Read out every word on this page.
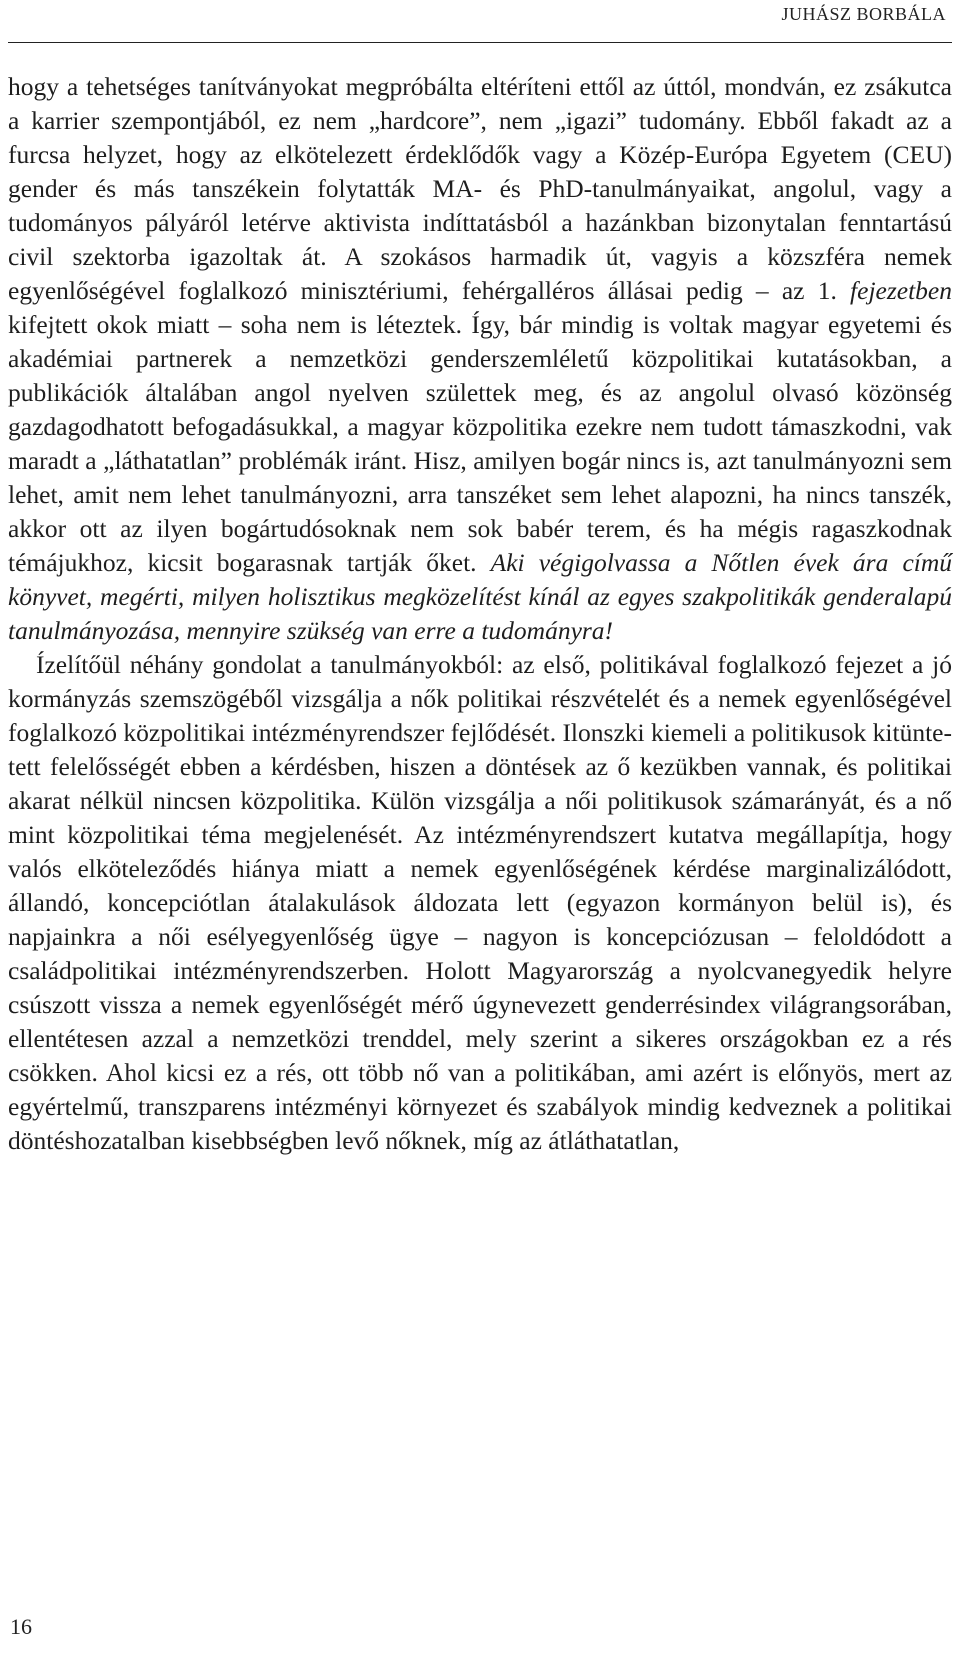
JUHÁSZ BORBÁLA

hogy a tehetséges tanítványokat megpróbálta eltéríteni ettől az úttól, mondván, ez zsákutca a karrier szempontjából, ez nem „hardcore”, nem „igazi” tudomány. Ebből fakadt az a furcsa helyzet, hogy az elkötelezett érdeklődők vagy a Közép-Európa Egyetem (CEU) gender és más tanszékein folytatták MA- és PhD-tanulmányaikat, angolul, vagy a tudományos pályáról letérve aktivista indíttatásból a hazánkban bizonytalan fenntartású civil szektorba igazoltak át. A szokásos harmadik út, vagyis a közszféra nemek egyenlőségével foglalkozó minisztériumi, fehérgalléros állásai pedig – az 1. fejezetben kifejtett okok miatt – soha nem is léteztek. Így, bár mindig is voltak magyar egyetemi és akadémiai partnerek a nemzetközi genderszemléletű közpolitikai kutatásokban, a publikációk általában angol nyelven születtek meg, és az angolul olvasó közönség gazdagodhatott befogadásukkal, a magyar közpolitika ezekre nem tudott támaszkodni, vak maradt a „láthatatlan” problémák iránt. Hisz, amilyen bogár nincs is, azt tanulmányozni sem lehet, amit nem lehet tanulmányozni, arra tanszéket sem lehet alapozni, ha nincs tanszék, akkor ott az ilyen bogártudósoknak nem sok babér terem, és ha mégis ragaszkodnak témájukhoz, kicsit bogarasnak tartják őket. Aki végigolvassa a Nőtlen évek ára című könyvet, megérti, milyen holisztikus megközelítést kínál az egyes szakpolitikák genderalapú tanulmányozása, mennyire szükség van erre a tudományra!

Ízelítőül néhány gondolat a tanulmányokból: az első, politikával foglalkozó fejezet a jó kormányzás szemszögéből vizsgálja a nők politikai részvételét és a nemek egyenlőségével foglalkozó közpolitikai intézményrendszer fejlődését. Ilonszki kiemeli a politikusok kitüntetett felelősségét ebben a kérdésben, hiszen a döntések az ő kezükben vannak, és politikai akarat nélkül nincsen közpolitika. Külön vizsgálja a női politikusok számarányát, és a nő mint közpolitikai téma megjelenését. Az intézményrendszert kutatva megállapítja, hogy valós elköteleződés hiánya miatt a nemek egyenlőségének kérdése marginalizálódott, állandó, koncepciótlan átalakulások áldozata lett (egyazon kormányon belül is), és napjainkra a női esélyegyenlőség ügye – nagyon is koncepciózusan – feloldódott a családpolitikai intézményrendszerben. Holott Magyarország a nyolcvanegyedik helyre csúszott vissza a nemek egyenlőségét mérő úgynevezett genderrésindex világrangsorában, ellentétesen azzal a nemzetközi trenddel, mely szerint a sikeres országokban ez a rés csökken. Ahol kicsi ez a rés, ott több nő van a politikában, ami azért is előnyös, mert az egyértelmű, transzparens intézményi környezet és szabályok mindig kedveznek a politikai döntéshozatalban kisebbségben levő nőknek, míg az átláthatatlan,

16
